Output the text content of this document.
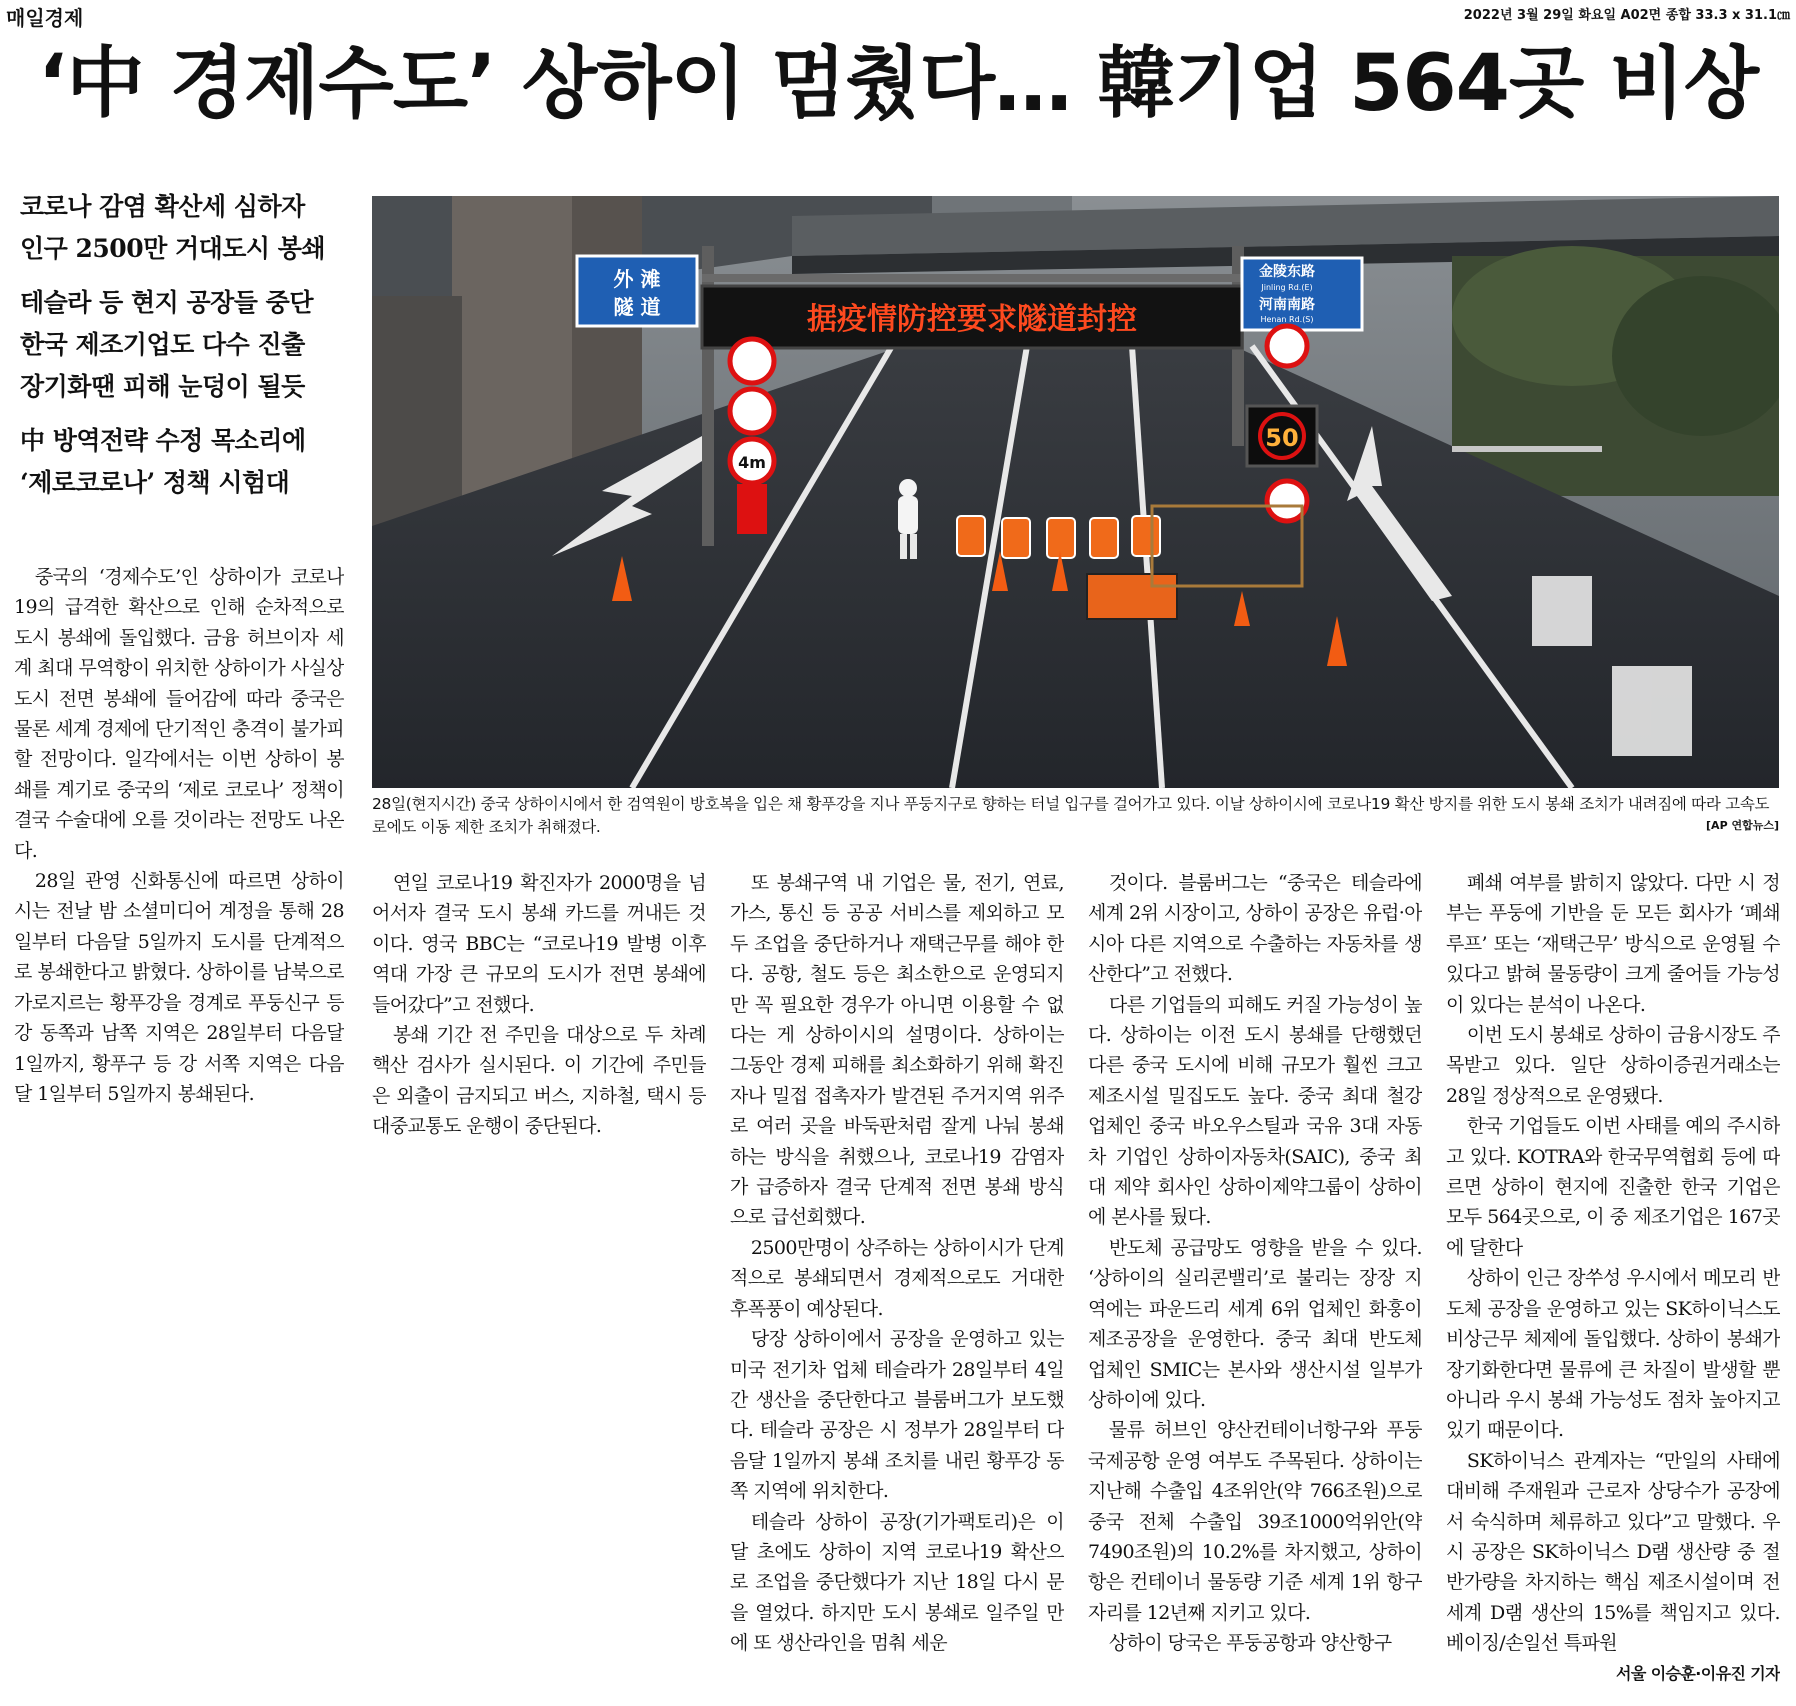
매일경제	2022년 3월 29일 화요일 A02면 종합 33.3 x 31.1㎝
‘中 경제수도’ 상하이 멈췄다… 韓기업 564곳 비상
코로나 감염 확산세 심하자
인구 2500만 거대도시 봉쇄
테슬라 등 현지 공장들 중단
한국 제조기업도 다수 진출
장기화땐 피해 눈덩이 될듯
中 방역전략 수정 목소리에
‘제로코로나’ 정책 시험대
据疫情防控要求隧道封控
外 滩
隧 道
金陵东路
Jinling Rd.(E)
河南南路
Henan Rd.(S)
4m
50
28일(현지시간) 중국 상하이시에서 한 검역원이 방호복을 입은 채 황푸강을 지나 푸둥지구로 향하는 터널 입구를 걸어가고 있다. 이날 상하이시에 코로나19 확산 방지를 위한 도시 봉쇄 조치가 내려짐에 따라 고속도로에도 이동 제한 조치가 취해졌다.	[AP 연합뉴스]

중국의 ‘경제수도’인 상하이가 코로나19의 급격한 확산으로 인해 순차적으로 도시 봉쇄에 돌입했다. 금융 허브이자 세계 최대 무역항이 위치한 상하이가 사실상 도시 전면 봉쇄에 들어감에 따라 중국은 물론 세계 경제에 단기적인 충격이 불가피할 전망이다. 일각에서는 이번 상하이 봉쇄를 계기로 중국의 ‘제로 코로나’ 정책이 결국 수술대에 오를 것이라는 전망도 나온다.

28일 관영 신화통신에 따르면 상하이시는 전날 밤 소셜미디어 계정을 통해 28일부터 다음달 5일까지 도시를 단계적으로 봉쇄한다고 밝혔다. 상하이를 남북으로 가로지르는 황푸강을 경계로 푸둥신구 등 강 동쪽과 남쪽 지역은 28일부터 다음달 1일까지, 황푸구 등 강 서쪽 지역은 다음달 1일부터 5일까지 봉쇄된다.

연일 코로나19 확진자가 2000명을 넘어서자 결국 도시 봉쇄 카드를 꺼내든 것이다. 영국 BBC는 “코로나19 발병 이후 역대 가장 큰 규모의 도시가 전면 봉쇄에 들어갔다”고 전했다.

봉쇄 기간 전 주민을 대상으로 두 차례 핵산 검사가 실시된다. 이 기간에 주민들은 외출이 금지되고 버스, 지하철, 택시 등 대중교통도 운행이 중단된다.

또 봉쇄구역 내 기업은 물, 전기, 연료, 가스, 통신 등 공공 서비스를 제외하고 모두 조업을 중단하거나 재택근무를 해야 한다. 공항, 철도 등은 최소한으로 운영되지만 꼭 필요한 경우가 아니면 이용할 수 없다는 게 상하이시의 설명이다. 상하이는 그동안 경제 피해를 최소화하기 위해 확진자나 밀접 접촉자가 발견된 주거지역 위주로 여러 곳을 바둑판처럼 잘게 나눠 봉쇄하는 방식을 취했으나, 코로나19 감염자가 급증하자 결국 단계적 전면 봉쇄 방식으로 급선회했다.

2500만명이 상주하는 상하이시가 단계적으로 봉쇄되면서 경제적으로도 거대한 후폭풍이 예상된다.

당장 상하이에서 공장을 운영하고 있는 미국 전기차 업체 테슬라가 28일부터 4일간 생산을 중단한다고 블룸버그가 보도했다. 테슬라 공장은 시 정부가 28일부터 다음달 1일까지 봉쇄 조치를 내린 황푸강 동쪽 지역에 위치한다.

테슬라 상하이 공장(기가팩토리)은 이달 초에도 상하이 지역 코로나19 확산으로 조업을 중단했다가 지난 18일 다시 문을 열었다. 하지만 도시 봉쇄로 일주일 만에 또 생산라인을 멈춰 세운

것이다. 블룸버그는 “중국은 테슬라에 세계 2위 시장이고, 상하이 공장은 유럽·아시아 다른 지역으로 수출하는 자동차를 생산한다”고 전했다.

다른 기업들의 피해도 커질 가능성이 높다. 상하이는 이전 도시 봉쇄를 단행했던 다른 중국 도시에 비해 규모가 훨씬 크고 제조시설 밀집도도 높다. 중국 최대 철강 업체인 중국 바오우스틸과 국유 3대 자동차 기업인 상하이자동차(SAIC), 중국 최대 제약 회사인 상하이제약그룹이 상하이에 본사를 뒀다.

반도체 공급망도 영향을 받을 수 있다. ‘상하이의 실리콘밸리’로 불리는 장장 지역에는 파운드리 세계 6위 업체인 화훙이 제조공장을 운영한다. 중국 최대 반도체 업체인 SMIC는 본사와 생산시설 일부가 상하이에 있다.

물류 허브인 양산컨테이너항구와 푸둥국제공항 운영 여부도 주목된다. 상하이는 지난해 수출입 4조위안(약 766조원)으로 중국 전체 수출입 39조1000억위안(약 7490조원)의 10.2%를 차지했고, 상하이항은 컨테이너 물동량 기준 세계 1위 항구 자리를 12년째 지키고 있다.

상하이 당국은 푸둥공항과 양산항구

폐쇄 여부를 밝히지 않았다. 다만 시 정부는 푸둥에 기반을 둔 모든 회사가 ‘폐쇄루프’ 또는 ‘재택근무’ 방식으로 운영될 수 있다고 밝혀 물동량이 크게 줄어들 가능성이 있다는 분석이 나온다.

이번 도시 봉쇄로 상하이 금융시장도 주목받고 있다. 일단 상하이증권거래소는 28일 정상적으로 운영됐다.

한국 기업들도 이번 사태를 예의 주시하고 있다. KOTRA와 한국무역협회 등에 따르면 상하이 현지에 진출한 한국 기업은 모두 564곳으로, 이 중 제조기업은 167곳에 달한다

상하이 인근 장쑤성 우시에서 메모리 반도체 공장을 운영하고 있는 SK하이닉스도 비상근무 체제에 돌입했다. 상하이 봉쇄가 장기화한다면 물류에 큰 차질이 발생할 뿐 아니라 우시 봉쇄 가능성도 점차 높아지고 있기 때문이다.

SK하이닉스 관계자는 “만일의 사태에 대비해 주재원과 근로자 상당수가 공장에서 숙식하며 체류하고 있다”고 말했다. 우시 공장은 SK하이닉스 D램 생산량 중 절반가량을 차지하는 핵심 제조시설이며 전 세계 D램 생산의 15%를 책임지고 있다. 베이징/손일선 특파원

서울 이승훈·이유진 기자
